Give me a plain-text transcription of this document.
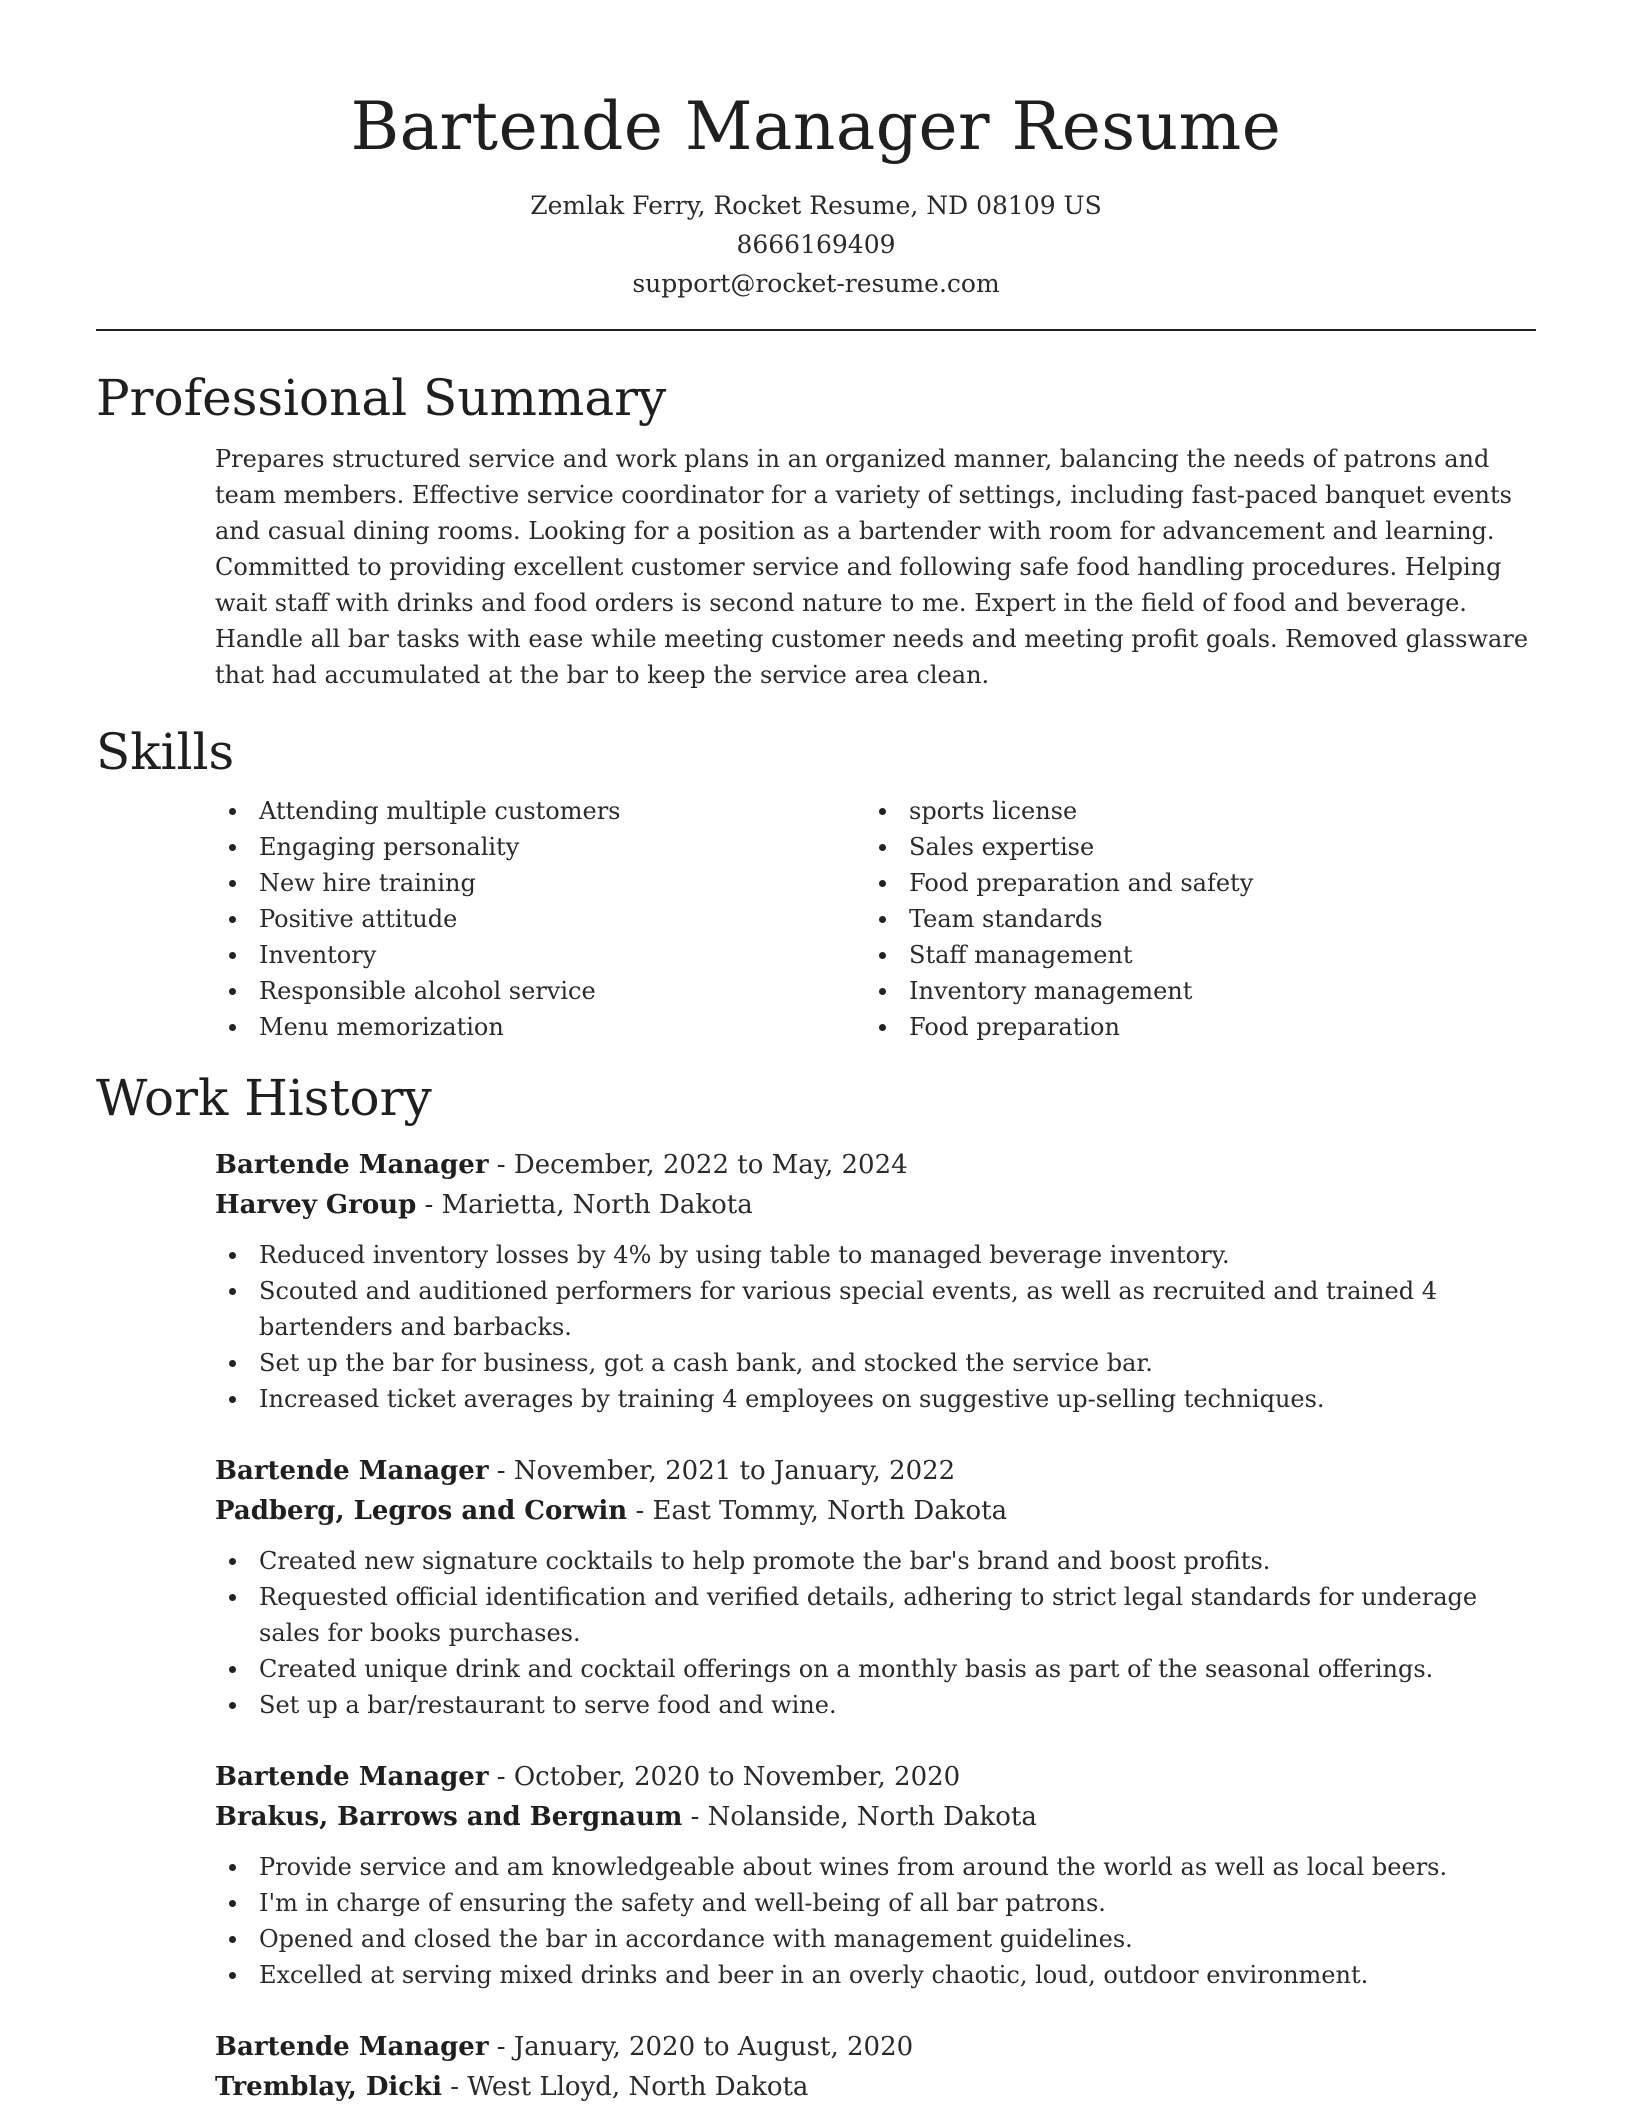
Bartende Manager Resume
Zemlak Ferry, Rocket Resume, ND 08109 US
8666169409
support@rocket-resume.com
Professional Summary

Prepares structured service and work plans in an organized manner, balancing the needs of patrons and team members. Effective service coordinator for a variety of settings, including fast-paced banquet events and casual dining rooms. Looking for a position as a bartender with room for advancement and learning. Committed to providing excellent customer service and following safe food handling procedures. Helping wait staff with drinks and food orders is second nature to me. Expert in the field of food and beverage. Handle all bar tasks with ease while meeting customer needs and meeting profit goals. Removed glassware that had accumulated at the bar to keep the service area clean.

Skills
Attending multiple customers
Engaging personality
New hire training
Positive attitude
Inventory
Responsible alcohol service
Menu memorization
sports license
Sales expertise
Food preparation and safety
Team standards
Staff management
Inventory management
Food preparation
Work History
Bartende Manager - December, 2022 to May, 2024
Harvey Group - Marietta, North Dakota
Reduced inventory losses by 4% by using table to managed beverage inventory.
Scouted and auditioned performers for various special events, as well as recruited and trained 4 bartenders and barbacks.
Set up the bar for business, got a cash bank, and stocked the service bar.
Increased ticket averages by training 4 employees on suggestive up-selling techniques.
Bartende Manager - November, 2021 to January, 2022
Padberg, Legros and Corwin - East Tommy, North Dakota
Created new signature cocktails to help promote the bar's brand and boost profits.
Requested official identification and verified details, adhering to strict legal standards for underage sales for books purchases.
Created unique drink and cocktail offerings on a monthly basis as part of the seasonal offerings.
Set up a bar/restaurant to serve food and wine.
Bartende Manager - October, 2020 to November, 2020
Brakus, Barrows and Bergnaum - Nolanside, North Dakota
Provide service and am knowledgeable about wines from around the world as well as local beers.
I'm in charge of ensuring the safety and well-being of all bar patrons.
Opened and closed the bar in accordance with management guidelines.
Excelled at serving mixed drinks and beer in an overly chaotic, loud, outdoor environment.
Bartende Manager - January, 2020 to August, 2020
Tremblay, Dicki - West Lloyd, North Dakota
